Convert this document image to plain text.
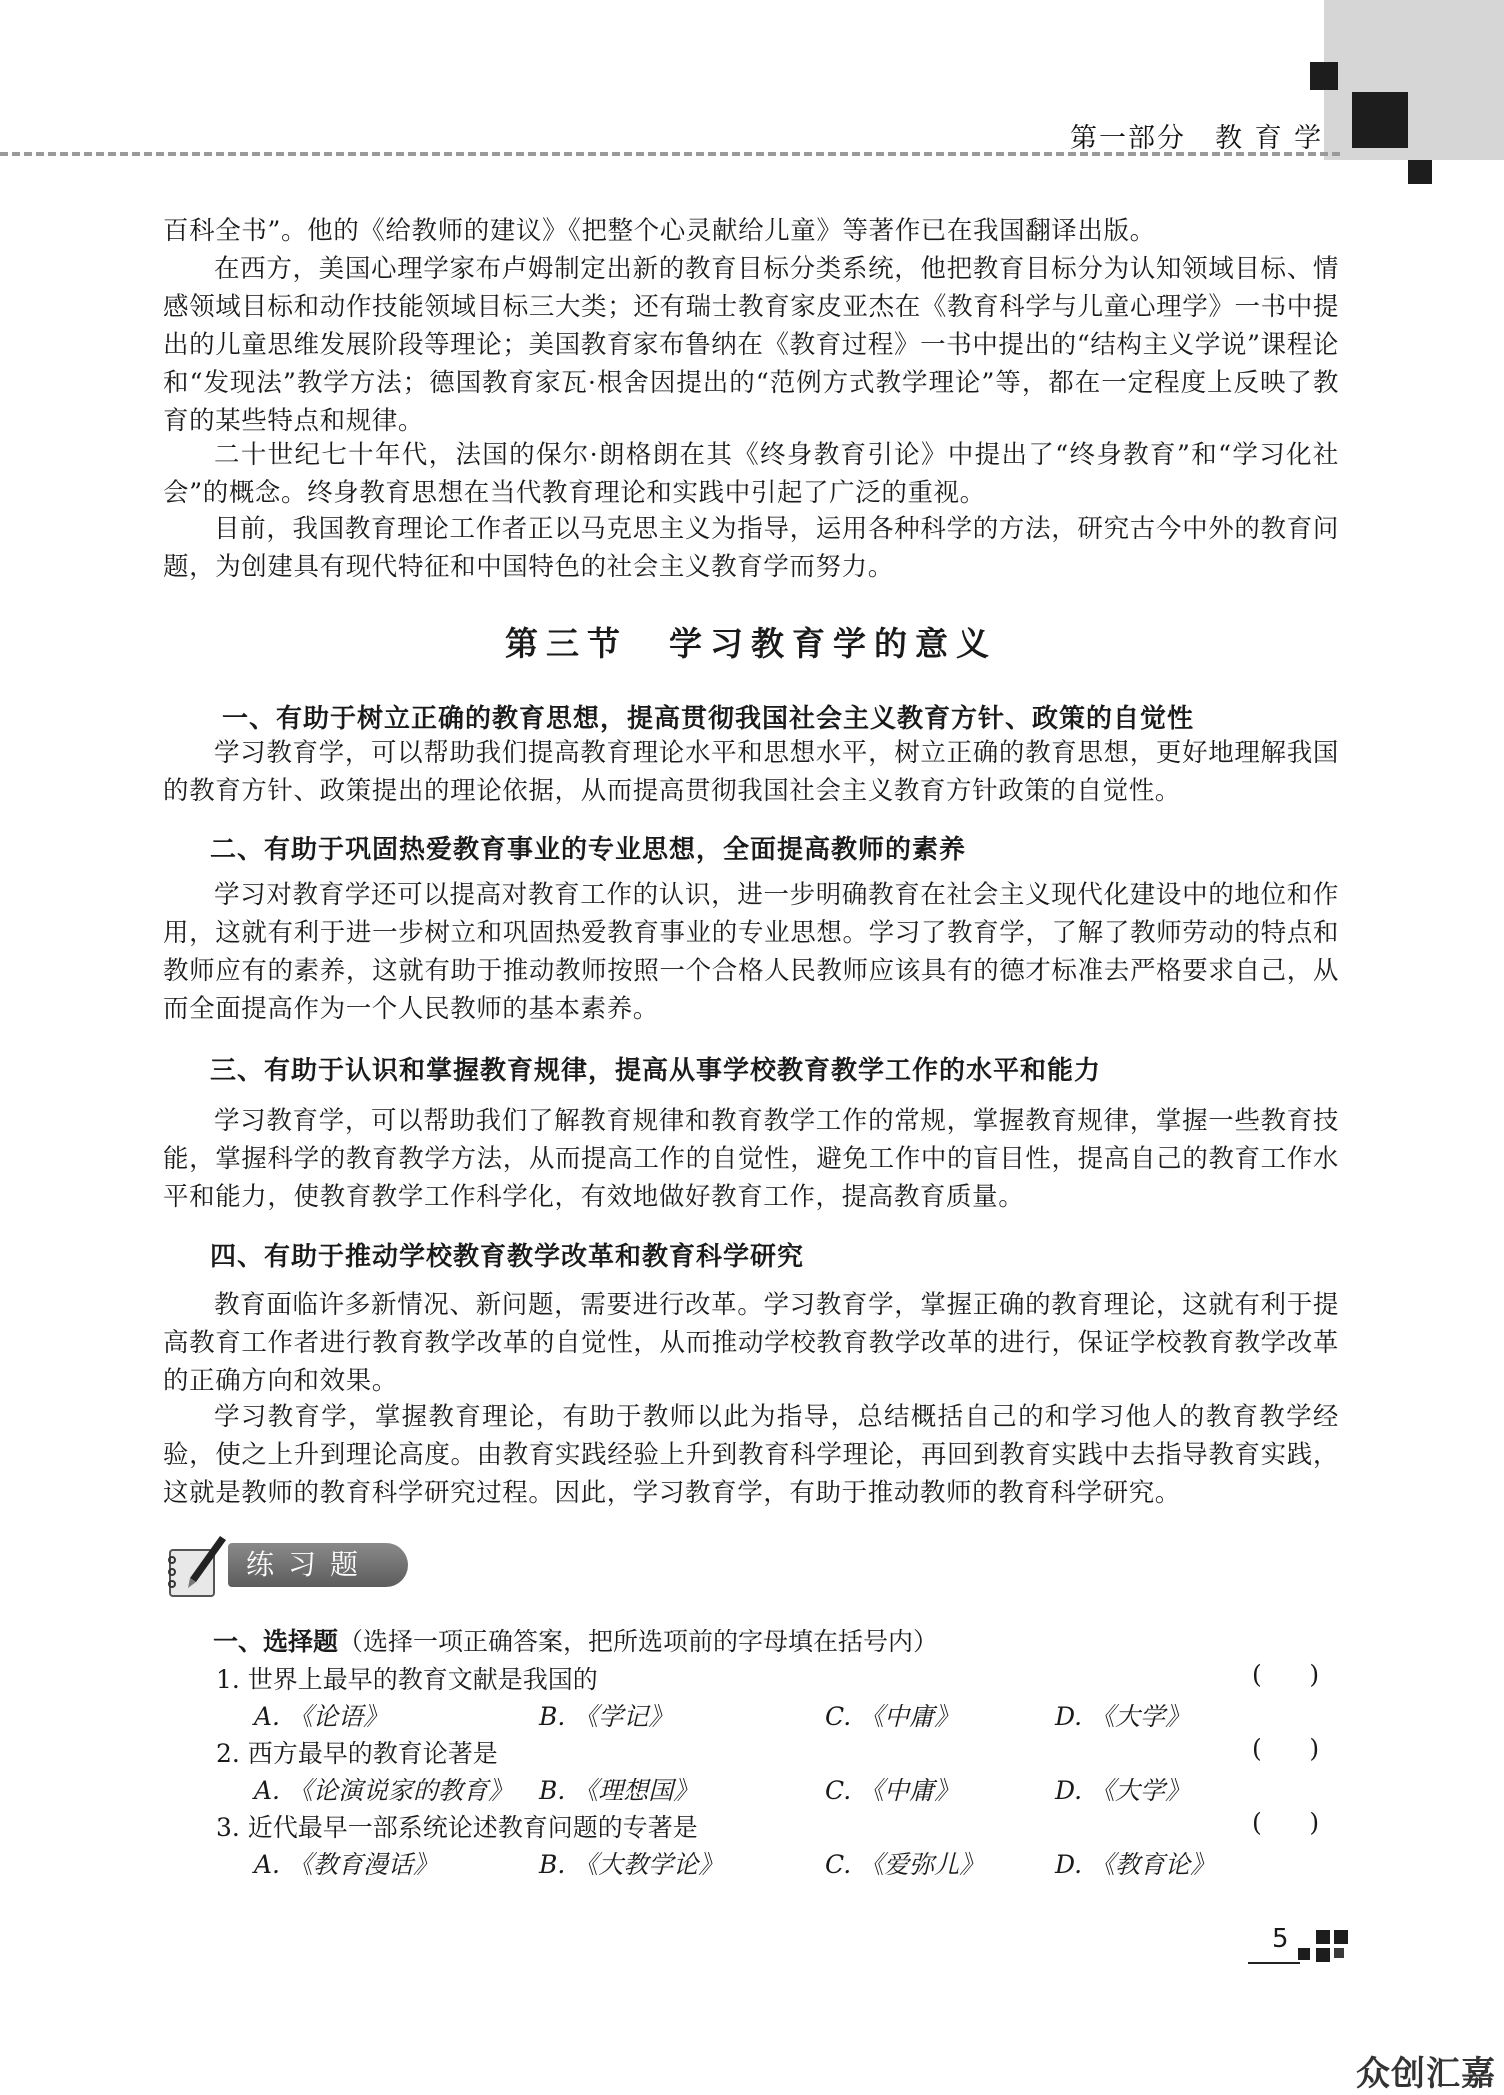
第一部分　教 育 学

百科全书”。他的《给教师的建议》《把整个心灵献给儿童》等著作已在我国翻译出版。

在西方，美国心理学家布卢姆制定出新的教育目标分类系统，他把教育目标分为认知领域目标、情感领域目标和动作技能领域目标三大类；还有瑞士教育家皮亚杰在《教育科学与儿童心理学》一书中提出的儿童思维发展阶段等理论；美国教育家布鲁纳在《教育过程》一书中提出的“结构主义学说”课程论和“发现法”教学方法；德国教育家瓦·根舍因提出的“范例方式教学理论”等，都在一定程度上反映了教育的某些特点和规律。

二十世纪七十年代，法国的保尔·朗格朗在其《终身教育引论》中提出了“终身教育”和“学习化社会”的概念。终身教育思想在当代教育理论和实践中引起了广泛的重视。

目前，我国教育理论工作者正以马克思主义为指导，运用各种科学的方法，研究古今中外的教育问题，为创建具有现代特征和中国特色的社会主义教育学而努力。

第三节　学习教育学的意义
一、有助于树立正确的教育思想，提高贯彻我国社会主义教育方针、政策的自觉性

学习教育学，可以帮助我们提高教育理论水平和思想水平，树立正确的教育思想，更好地理解我国的教育方针、政策提出的理论依据，从而提高贯彻我国社会主义教育方针政策的自觉性。

二、有助于巩固热爱教育事业的专业思想，全面提高教师的素养

学习对教育学还可以提高对教育工作的认识，进一步明确教育在社会主义现代化建设中的地位和作用，这就有利于进一步树立和巩固热爱教育事业的专业思想。学习了教育学，了解了教师劳动的特点和教师应有的素养，这就有助于推动教师按照一个合格人民教师应该具有的德才标准去严格要求自己，从而全面提高作为一个人民教师的基本素养。

三、有助于认识和掌握教育规律，提高从事学校教育教学工作的水平和能力

学习教育学，可以帮助我们了解教育规律和教育教学工作的常规，掌握教育规律，掌握一些教育技能，掌握科学的教育教学方法，从而提高工作的自觉性，避免工作中的盲目性，提高自己的教育工作水平和能力，使教育教学工作科学化，有效地做好教育工作，提高教育质量。

四、有助于推动学校教育教学改革和教育科学研究

教育面临许多新情况、新问题，需要进行改革。学习教育学，掌握正确的教育理论，这就有利于提高教育工作者进行教育教学改革的自觉性，从而推动学校教育教学改革的进行，保证学校教育教学改革的正确方向和效果。

学习教育学，掌握教育理论，有助于教师以此为指导，总结概括自己的和学习他人的教育教学经验，使之上升到理论高度。由教育实践经验上升到教育科学理论，再回到教育实践中去指导教育实践，这就是教师的教育科学研究过程。因此，学习教育学，有助于推动教师的教育科学研究。

练习题
一、选择题（选择一项正确答案，把所选项前的字母填在括号内）
1. 世界上最早的教育文献是我国的	(      )
A. 《论语》	B. 《学记》	C. 《中庸》	D. 《大学》
2. 西方最早的教育论著是	(      )
A. 《论演说家的教育》 B. 《理想国》	C. 《中庸》	D. 《大学》
3. 近代最早一部系统论述教育问题的专著是	(      )
A. 《教育漫话》	B. 《大教学论》	C. 《爱弥儿》	D. 《教育论》
5
众创汇嘉
